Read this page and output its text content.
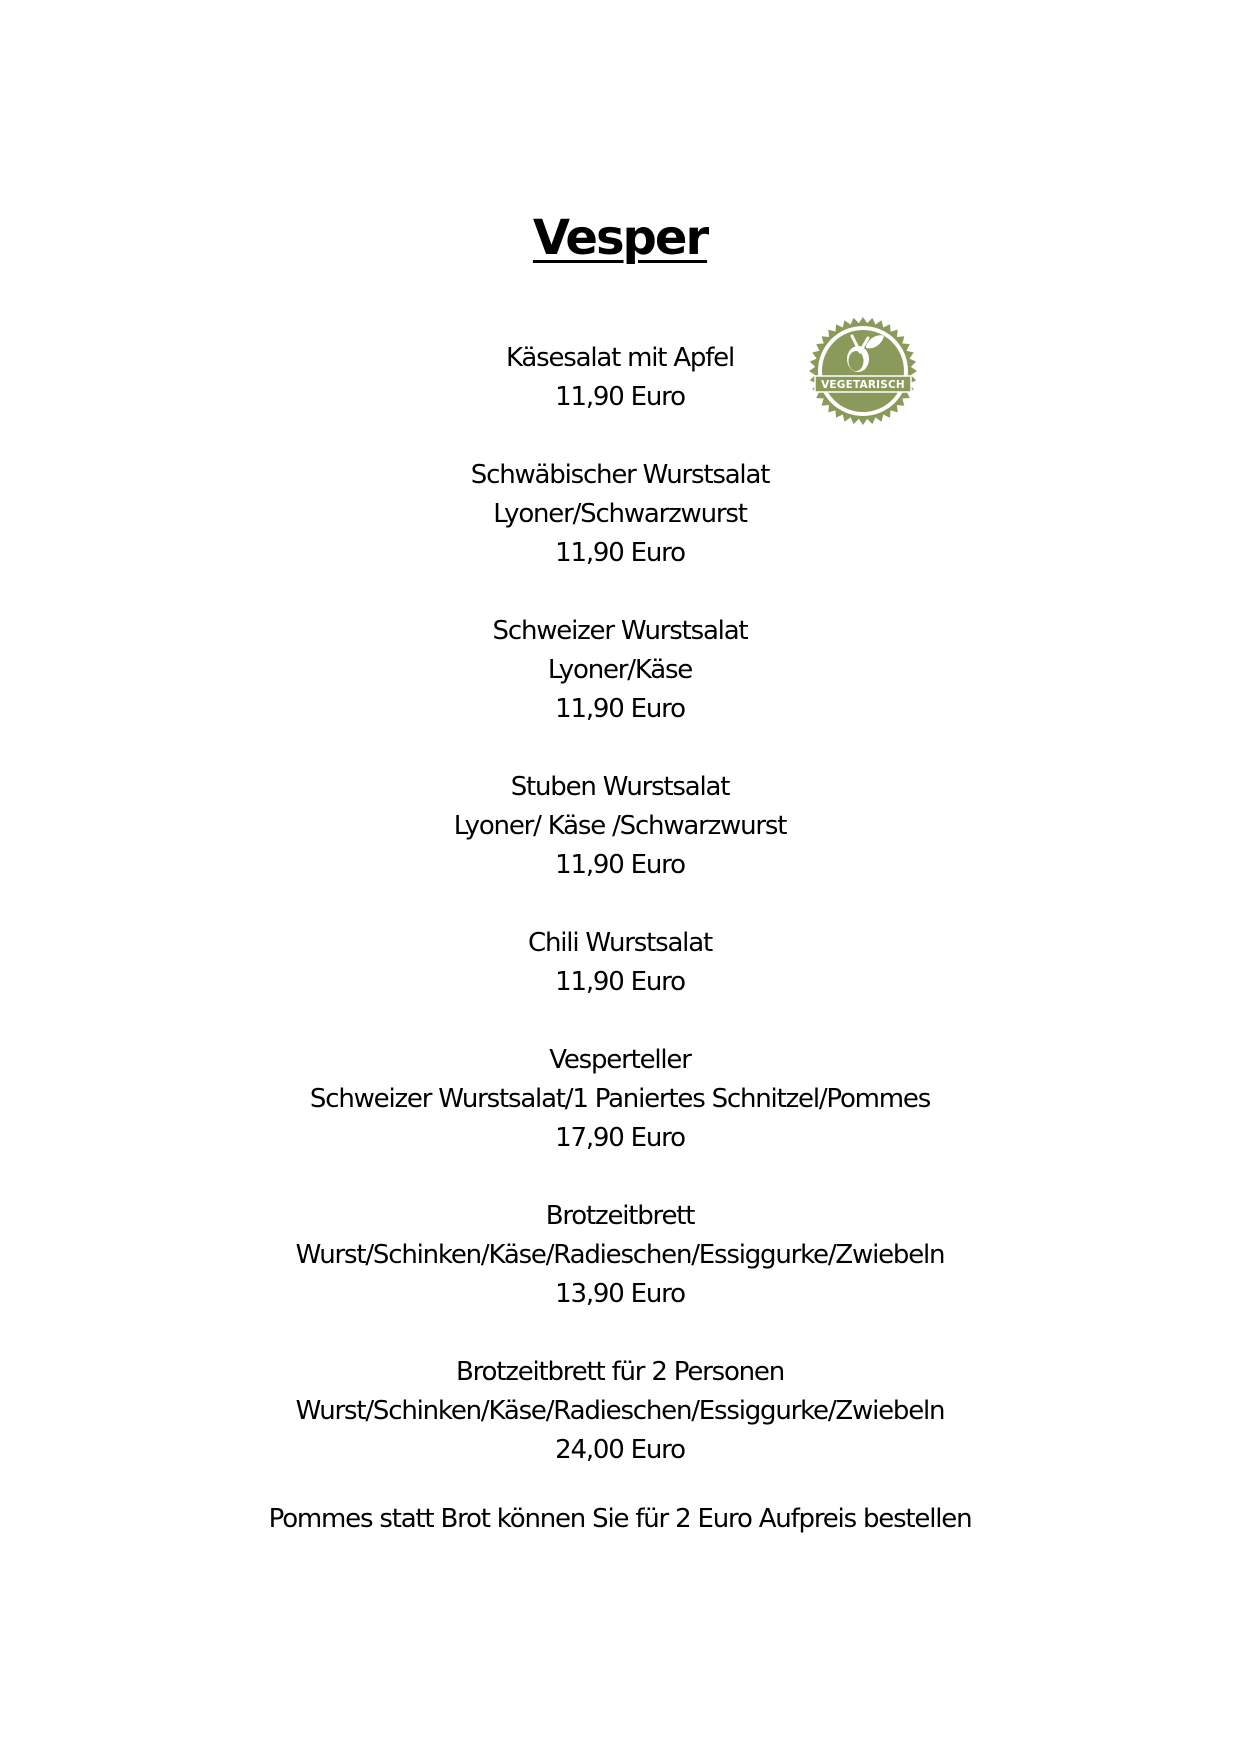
Vesper
VEGETARISCH
Käsesalat mit Apfel
11,90 Euro
Schwäbischer Wurstsalat
Lyoner/Schwarzwurst
11,90 Euro
Schweizer Wurstsalat
Lyoner/Käse
11,90 Euro
Stuben Wurstsalat
Lyoner/ Käse /Schwarzwurst
11,90 Euro
Chili Wurstsalat
11,90 Euro
Vesperteller
Schweizer Wurstsalat/1 Paniertes Schnitzel/Pommes
17,90 Euro
Brotzeitbrett
Wurst/Schinken/Käse/Radieschen/Essiggurke/Zwiebeln
13,90 Euro
Brotzeitbrett für 2 Personen
Wurst/Schinken/Käse/Radieschen/Essiggurke/Zwiebeln
24,00 Euro

Pommes statt Brot können Sie für 2 Euro Aufpreis bestellen
